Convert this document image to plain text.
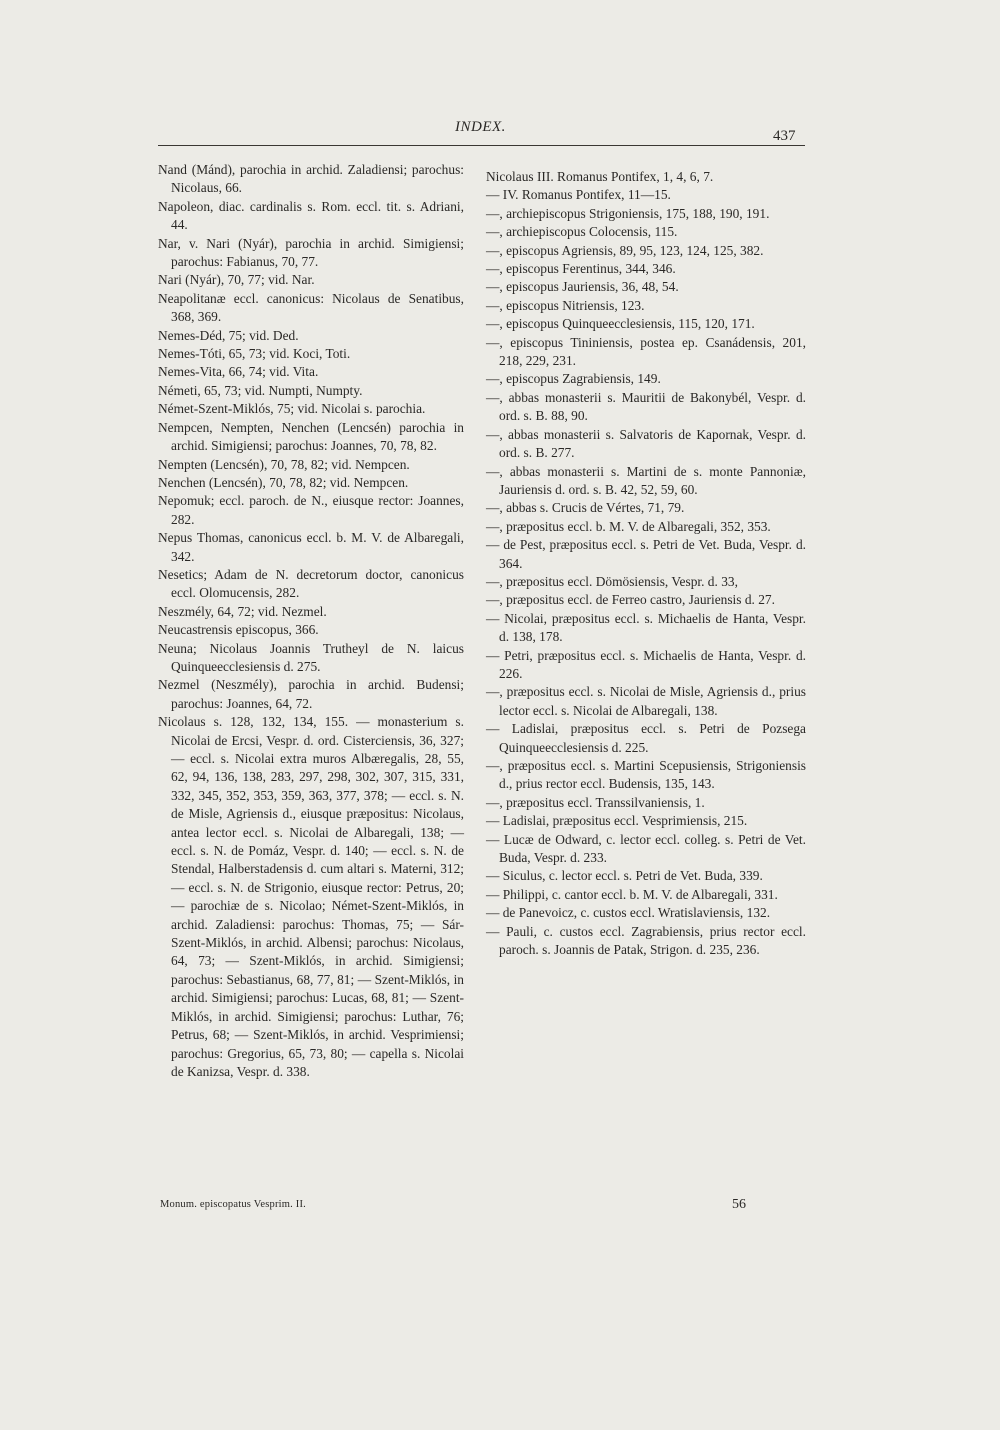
INDEX.
437
Nand (Mánd), parochia in archid. Zaladiensi; parochus: Nicolaus, 66.
Napoleon, diac. cardinalis s. Rom. eccl. tit. s. Adriani, 44.
Nar, v. Nari (Nyár), parochia in archid. Simigiensi; parochus: Fabianus, 70, 77.
Nari (Nyár), 70, 77; vid. Nar.
Neapolitanæ eccl. canonicus: Nicolaus de Senatibus, 368, 369.
Nemes-Déd, 75; vid. Ded.
Nemes-Tóti, 65, 73; vid. Koci, Toti.
Nemes-Vita, 66, 74; vid. Vita.
Németi, 65, 73; vid. Numpti, Numpty.
Német-Szent-Miklós, 75; vid. Nicolai s. parochia.
Nempcen, Nempten, Nenchen (Lencsén) parochia in archid. Simigiensi; parochus: Joannes, 70, 78, 82.
Nempten (Lencsén), 70, 78, 82; vid. Nempcen.
Nenchen (Lencsén), 70, 78, 82; vid. Nempcen.
Nepomuk; eccl. paroch. de N., eiusque rector: Joannes, 282.
Nepus Thomas, canonicus eccl. b. M. V. de Albaregali, 342.
Nesetics; Adam de N. decretorum doctor, canonicus eccl. Olomucensis, 282.
Neszmély, 64, 72; vid. Nezmel.
Neucastrensis episcopus, 366.
Neuna; Nicolaus Joannis Trutheyl de N. laicus Quinqueecclesiensis d. 275.
Nezmel (Neszmély), parochia in archid. Budensi; parochus: Joannes, 64, 72.
Nicolaus s. 128, 132, 134, 155. — monasterium s. Nicolai de Ercsi, Vespr. d. ord. Cisterciensis, 36, 327; — eccl. s. Nicolai extra muros Albæregalis, 28, 55, 62, 94, 136, 138, 283, 297, 298, 302, 307, 315, 331, 332, 345, 352, 353, 359, 363, 377, 378; — eccl. s. N. de Misle, Agriensis d., eiusque præpositus: Nicolaus, antea lector eccl. s. Nicolai de Albaregali, 138; — eccl. s. N. de Pomáz, Vespr. d. 140; — eccl. s. N. de Stendal, Halberstadensis d. cum altari s. Materni, 312; — eccl. s. N. de Strigonio, eiusque rector: Petrus, 20; — parochiæ de s. Nicolao; Német-Szent-Miklós, in archid. Zaladiensi: parochus: Thomas, 75; — Sár-Szent-Miklós, in archid. Albensi; parochus: Nicolaus, 64, 73; — Szent-Miklós, in archid. Simigiensi; parochus: Sebastianus, 68, 77, 81; — Szent-Miklós, in archid. Simigiensi; parochus: Lucas, 68, 81; — Szent-Miklós, in archid. Simigiensi; parochus: Luthar, 76; Petrus, 68; — Szent-Miklós, in archid. Vesprimiensi; parochus: Gregorius, 65, 73, 80; — capella s. Nicolai de Kanizsa, Vespr. d. 338.
Nicolaus III. Romanus Pontifex, 1, 4, 6, 7.
— IV. Romanus Pontifex, 11—15.
—, archiepiscopus Strigoniensis, 175, 188, 190, 191.
—, archiepiscopus Colocensis, 115.
—, episcopus Agriensis, 89, 95, 123, 124, 125, 382.
—, episcopus Ferentinus, 344, 346.
—, episcopus Jauriensis, 36, 48, 54.
—, episcopus Nitriensis, 123.
—, episcopus Quinqueecclesiensis, 115, 120, 171.
—, episcopus Tininiensis, postea ep. Csanádensis, 201, 218, 229, 231.
—, episcopus Zagrabiensis, 149.
—, abbas monasterii s. Mauritii de Bakonybél, Vespr. d. ord. s. B. 88, 90.
—, abbas monasterii s. Salvatoris de Kapornak, Vespr. d. ord. s. B. 277.
—, abbas monasterii s. Martini de s. monte Pannoniæ, Jauriensis d. ord. s. B. 42, 52, 59, 60.
—, abbas s. Crucis de Vértes, 71, 79.
—, præpositus eccl. b. M. V. de Albaregali, 352, 353.
— de Pest, præpositus eccl. s. Petri de Vet. Buda, Vespr. d. 364.
—, præpositus eccl. Dömösiensis, Vespr. d. 33,
—, præpositus eccl. de Ferreo castro, Jauriensis d. 27.
— Nicolai, præpositus eccl. s. Michaelis de Hanta, Vespr. d. 138, 178.
— Petri, præpositus eccl. s. Michaelis de Hanta, Vespr. d. 226.
—, præpositus eccl. s. Nicolai de Misle, Agriensis d., prius lector eccl. s. Nicolai de Albaregali, 138.
— Ladislai, præpositus eccl. s. Petri de Pozsega Quinqueecclesiensis d. 225.
—, præpositus eccl. s. Martini Scepusiensis, Strigoniensis d., prius rector eccl. Budensis, 135, 143.
—, præpositus eccl. Transsilvaniensis, 1.
— Ladislai, præpositus eccl. Vesprimiensis, 215.
— Lucæ de Odward, c. lector eccl. colleg. s. Petri de Vet. Buda, Vespr. d. 233.
— Siculus, c. lector eccl. s. Petri de Vet. Buda, 339.
— Philippi, c. cantor eccl. b. M. V. de Albaregali, 331.
— de Panevoicz, c. custos eccl. Wratislaviensis, 132.
— Pauli, c. custos eccl. Zagrabiensis, prius rector eccl. paroch. s. Joannis de Patak, Strigon. d. 235, 236.
Monum. episcopatus Vesprim. II.	56
